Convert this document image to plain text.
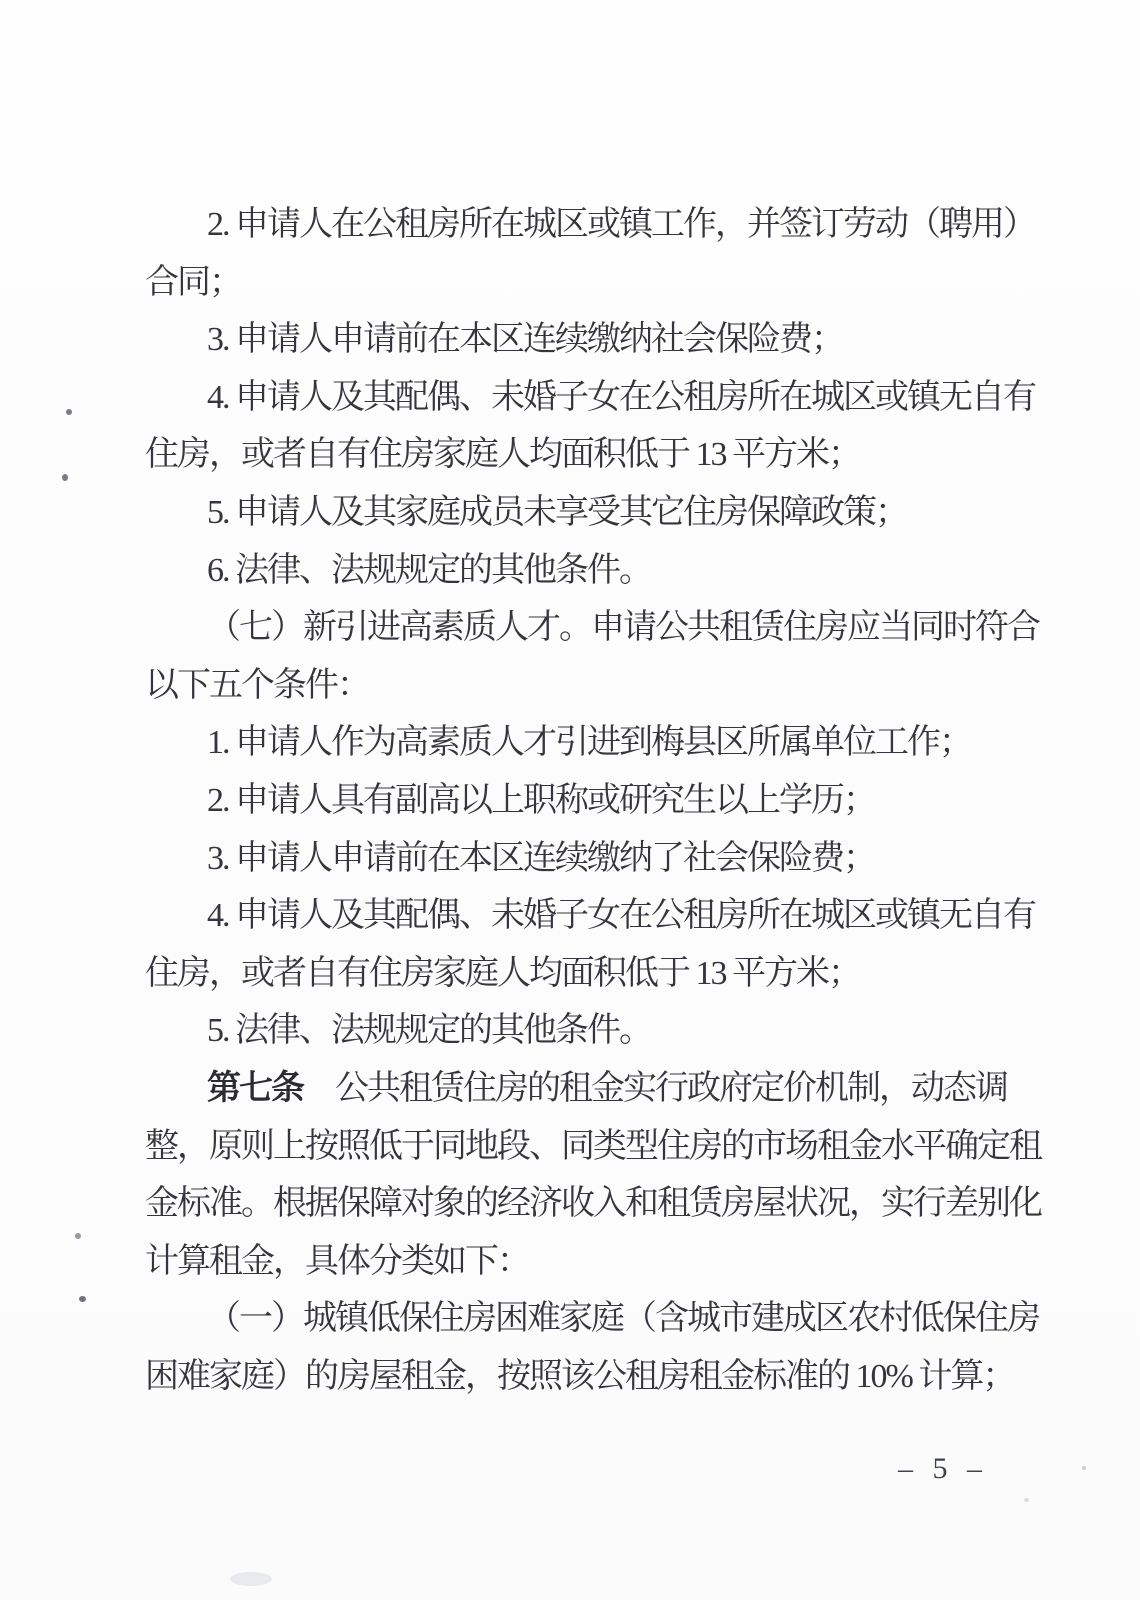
2. 申请人在公租房所在城区或镇工作，并签订劳动（聘用）
合同；
3. 申请人申请前在本区连续缴纳社会保险费；
4. 申请人及其配偶、未婚子女在公租房所在城区或镇无自有
住房，或者自有住房家庭人均面积低于 13 平方米；
5. 申请人及其家庭成员未享受其它住房保障政策；
6. 法律、法规规定的其他条件。
（七）新引进高素质人才。申请公共租赁住房应当同时符合
以下五个条件：
1. 申请人作为高素质人才引进到梅县区所属单位工作；
2. 申请人具有副高以上职称或研究生以上学历；
3. 申请人申请前在本区连续缴纳了社会保险费；
4. 申请人及其配偶、未婚子女在公租房所在城区或镇无自有
住房，或者自有住房家庭人均面积低于 13 平方米；
5. 法律、法规规定的其他条件。
第七条 公共租赁住房的租金实行政府定价机制，动态调
整，原则上按照低于同地段、同类型住房的市场租金水平确定租
金标准。根据保障对象的经济收入和租赁房屋状况，实行差别化
计算租金，具体分类如下：
（一）城镇低保住房困难家庭（含城市建成区农村低保住房
困难家庭）的房屋租金，按照该公租房租金标准的 10% 计算；
– 5 –
